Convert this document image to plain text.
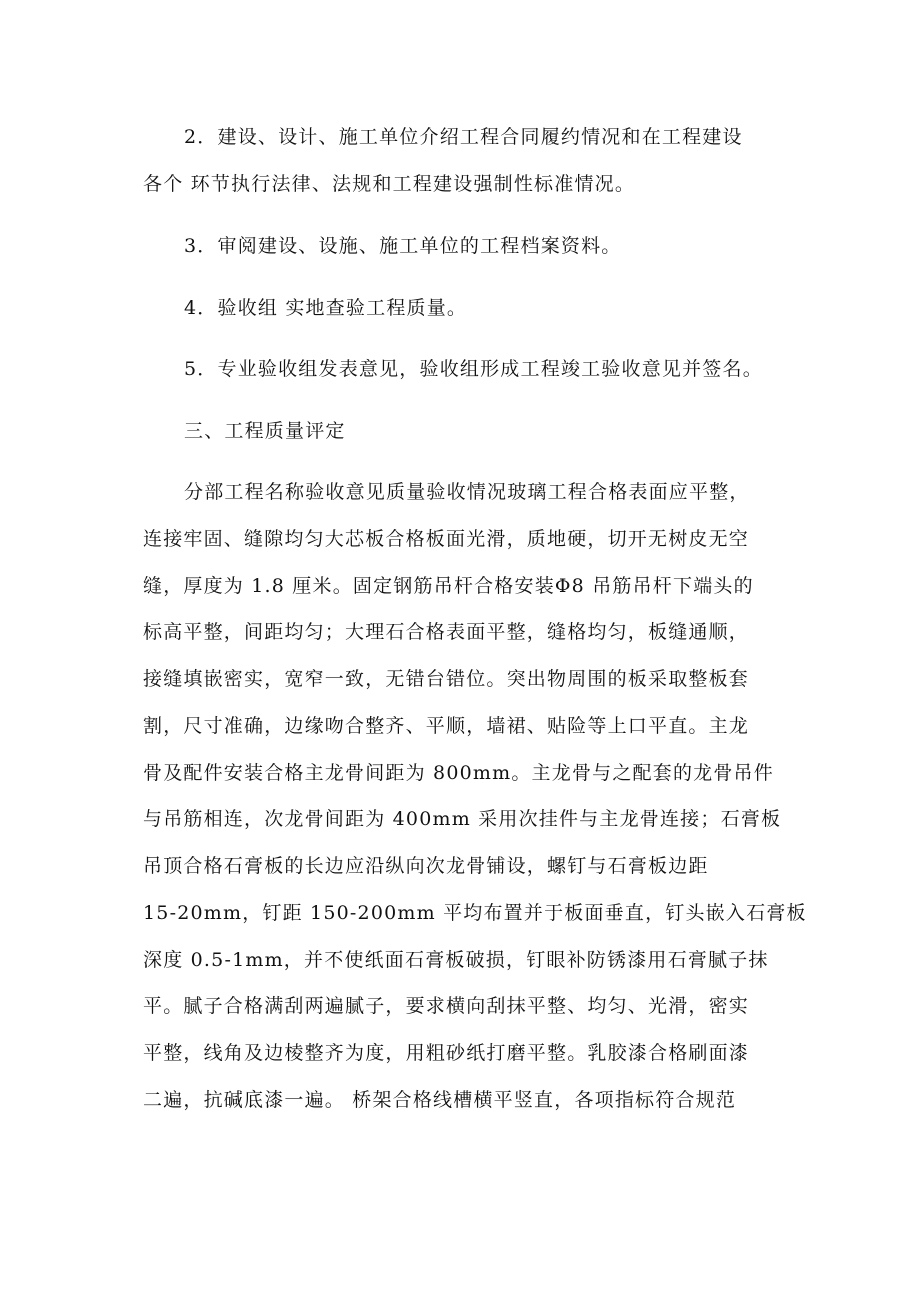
2．建设、设计、施工单位介绍工程合同履约情况和在工程建设
各个 环节执行法律、法规和工程建设强制性标准情况。
3．审阅建设、设施、施工单位的工程档案资料。
4．验收组 实地查验工程质量。
5．专业验收组发表意见，验收组形成工程竣工验收意见并签名。
三、工程质量评定
分部工程名称验收意见质量验收情况玻璃工程合格表面应平整，
连接牢固、缝隙均匀大芯板合格板面光滑，质地硬，切开无树皮无空
缝，厚度为 1.8 厘米。固定钢筋吊杆合格安装Φ8 吊筋吊杆下端头的
标高平整，间距均匀；大理石合格表面平整，缝格均匀，板缝通顺，
接缝填嵌密实，宽窄一致，无错台错位。突出物周围的板采取整板套
割，尺寸准确，边缘吻合整齐、平顺，墙裙、贴险等上口平直。主龙
骨及配件安装合格主龙骨间距为 800mm。主龙骨与之配套的龙骨吊件
与吊筋相连，次龙骨间距为 400mm 采用次挂件与主龙骨连接；石膏板
吊顶合格石膏板的长边应沿纵向次龙骨铺设，螺钉与石膏板边距
15-20mm，钉距 150-200mm 平均布置并于板面垂直，钉头嵌入石膏板
深度 0.5-1mm，并不使纸面石膏板破损，钉眼补防锈漆用石膏腻子抹
平。腻子合格满刮两遍腻子，要求横向刮抹平整、均匀、光滑，密实
平整，线角及边棱整齐为度，用粗砂纸打磨平整。乳胶漆合格刷面漆
二遍，抗碱底漆一遍。 桥架合格线槽横平竖直，各项指标符合规范
